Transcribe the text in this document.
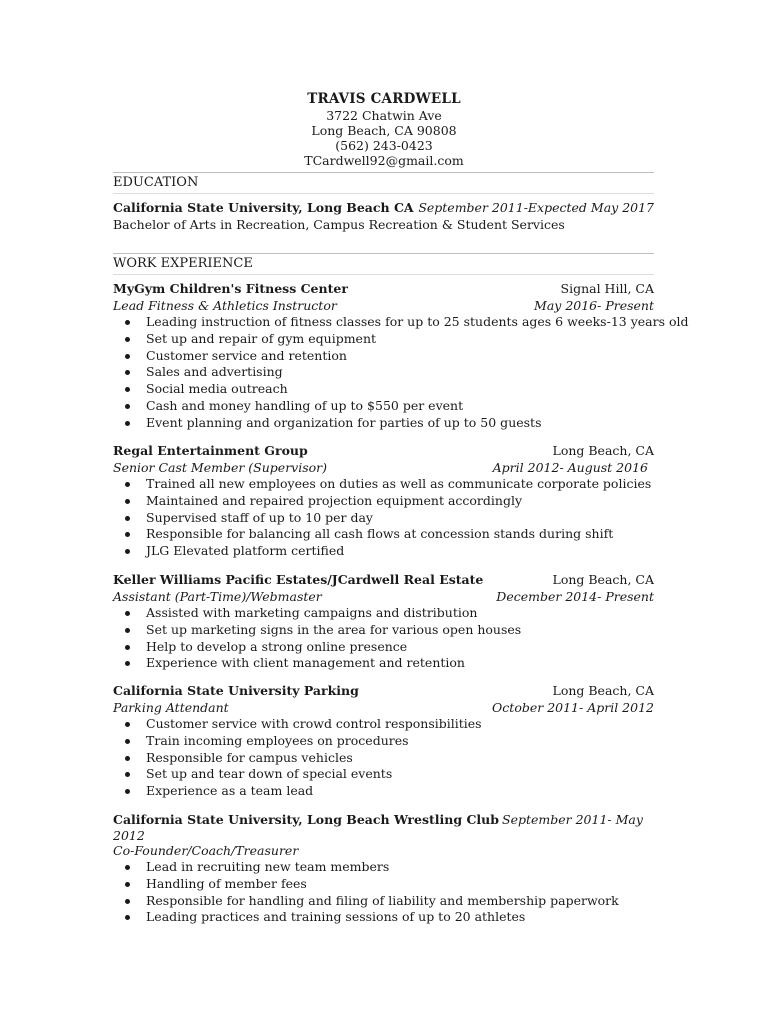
TRAVIS CARDWELL
3722 Chatwin Ave
Long Beach, CA 90808
(562) 243-0423
TCardwell92@gmail.com
EDUCATION
California State University, Long Beach CA September 2011-Expected May 2017
Bachelor of Arts in Recreation, Campus Recreation & Student Services
WORK EXPERIENCE
MyGym Children's Fitness Center	Signal Hill, CA
Lead Fitness & Athletics Instructor	May 2016- Present
Leading instruction of fitness classes for up to 25 students ages 6 weeks-13 years old
Set up and repair of gym equipment
Customer service and retention
Sales and advertising
Social media outreach
Cash and money handling of up to $550 per event
Event planning and organization for parties of up to 50 guests
Regal Entertainment Group	Long Beach, CA
Senior Cast Member (Supervisor)	April 2012- August 2016
Trained all new employees on duties as well as communicate corporate policies
Maintained and repaired projection equipment accordingly
Supervised staff of up to 10 per day
Responsible for balancing all cash flows at concession stands during shift
JLG Elevated platform certified
Keller Williams Pacific Estates/JCardwell Real Estate	Long Beach, CA
Assistant (Part-Time)/Webmaster	December 2014- Present
Assisted with marketing campaigns and distribution
Set up marketing signs in the area for various open houses
Help to develop a strong online presence
Experience with client management and retention
California State University Parking	Long Beach, CA
Parking Attendant	October 2011- April 2012
Customer service with crowd control responsibilities
Train incoming employees on procedures
Responsible for campus vehicles
Set up and tear down of special events
Experience as a team lead
California State University, Long Beach Wrestling Club September 2011- May
2012
Co-Founder/Coach/Treasurer
Lead in recruiting new team members
Handling of member fees
Responsible for handling and filing of liability and membership paperwork
Leading practices and training sessions of up to 20 athletes
